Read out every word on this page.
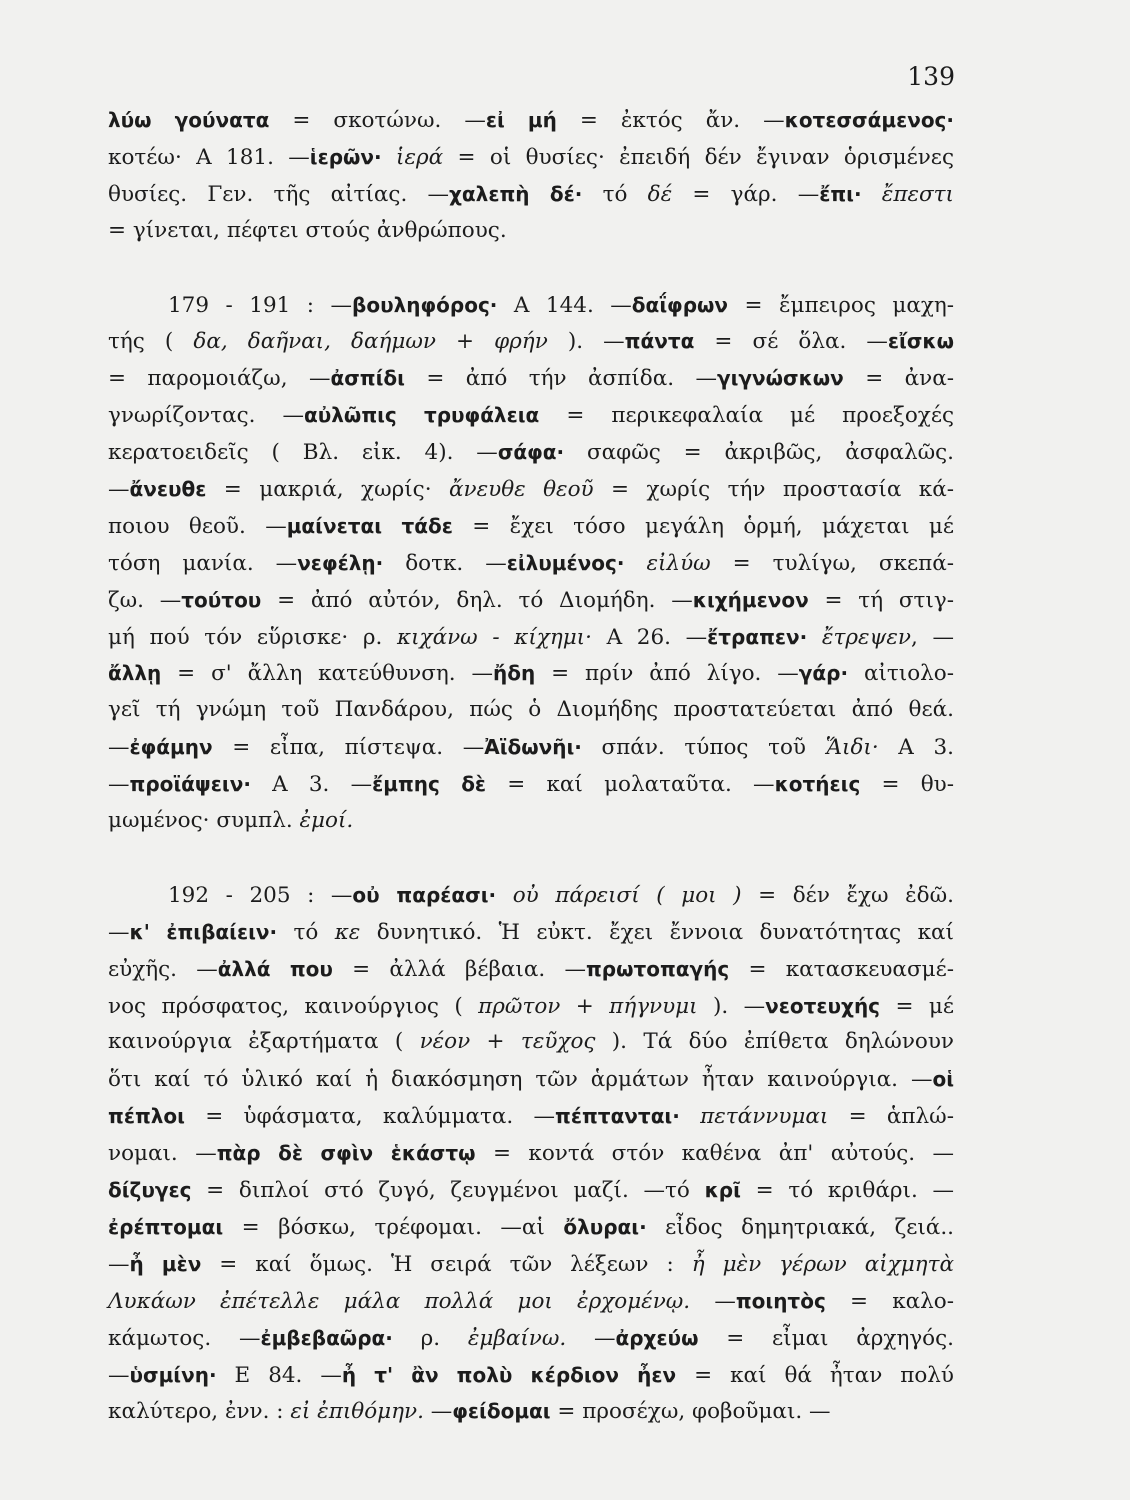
139
λύω γούνατα = σκοτώνω. —εἰ μή = ἐκτός ἄν. —κοτεσσάμενος·
κοτέω· Α 181. —ἱερῶν· ἱερά = οἱ θυσίες· ἐπειδή δέν ἔγιναν ὁρισμένες
θυσίες. Γεν. τῆς αἰτίας. —χαλεπὴ δέ· τό δέ = γάρ. —ἔπι· ἔπεστι
= γίνεται, πέφτει στούς ἀνθρώπους.
179 - 191 : —βουληφόρος· Α 144. —δαΐφρων = ἔμπειρος μαχη-
τής ( δα, δαῆναι, δαήμων + φρήν ). —πάντα = σέ ὅλα. —εἴσκω
= παρομοιάζω, —ἀσπίδι = ἀπό τήν ἀσπίδα. —γιγνώσκων = ἀνα-
γνωρίζοντας. —αὐλῶπις τρυφάλεια = περικεφαλαία μέ προεξοχές
κερατοειδεῖς ( Βλ. εἰκ. 4). —σάφα· σαφῶς = ἀκριβῶς, ἀσφαλῶς.
—ἄνευθε = μακριά, χωρίς· ἄνευθε θεοῦ = χωρίς τήν προστασία κά-
ποιου θεοῦ. —μαίνεται τάδε = ἔχει τόσο μεγάλη ὁρμή, μάχεται μέ
τόση μανία. —νεφέλῃ· δοτκ. —εἰλυμένος· εἰλύω = τυλίγω, σκεπά-
ζω. —τούτου = ἀπό αὐτόν, δηλ. τό Διομήδη. —κιχήμενον = τή στιγ-
μή πού τόν εὕρισκε· ρ. κιχάνω - κίχημι· Α 26. —ἔτραπεν· ἔτρεψεν, —
ἄλλῃ = σ' ἄλλη κατεύθυνση. —ἤδη = πρίν ἀπό λίγο. —γάρ· αἰτιολο-
γεῖ τή γνώμη τοῦ Πανδάρου, πώς ὁ Διομήδης προστατεύεται ἀπό θεά.
—ἐφάμην = εἶπα, πίστεψα. —Ἀϊδωνῆι· σπάν. τύπος τοῦ Ἅιδι· Α 3.
—προϊάψειν· Α 3. —ἔμπης δὲ = καί μολαταῦτα. —κοτήεις = θυ-
μωμένος· συμπλ. ἐμοί.
192 - 205 : —οὐ παρέασι· οὐ πάρεισί ( μοι ) = δέν ἔχω ἐδῶ.
—κ' ἐπιβαίειν· τό κε δυνητικό. Ἡ εὐκτ. ἔχει ἔννοια δυνατότητας καί
εὐχῆς. —ἀλλά που = ἀλλά βέβαια. —πρωτοπαγής = κατασκευασμέ-
νος πρόσφατος, καινούργιος ( πρῶτον + πήγνυμι ). —νεοτευχής = μέ
καινούργια ἐξαρτήματα ( νέον + τεῦχος ). Τά δύο ἐπίθετα δηλώνουν
ὅτι καί τό ὑλικό καί ἡ διακόσμηση τῶν ἁρμάτων ἦταν καινούργια. —οἱ
πέπλοι = ὑφάσματα, καλύμματα. —πέπτανται· πετάννυμαι = ἁπλώ-
νομαι. —πὰρ δὲ σφὶν ἑκάστῳ = κοντά στόν καθένα ἀπ' αὐτούς. —
δίζυγες = διπλοί στό ζυγό, ζευγμένοι μαζί. —τό κρῖ = τό κριθάρι. —
ἐρέπτομαι = βόσκω, τρέφομαι. —αἱ ὄλυραι· εἶδος δημητριακά, ζειά..
—ἦ μὲν = καί ὅμως. Ἡ σειρά τῶν λέξεων : ἦ μὲν γέρων αἰχμητὰ
Λυκάων ἐπέτελλε μάλα πολλά μοι ἐρχομένῳ. —ποιητὸς = καλο-
κάμωτος. —ἐμβεβαῶρα· ρ. ἐμβαίνω. —ἀρχεύω = εἶμαι ἀρχηγός.
—ὑσμίνη· Ε 84. —ἦ τ' ἂν πολὺ κέρδιον ἦεν = καί θά ἦταν πολύ
καλύτερο, ἐνν. : εἰ ἐπιθόμην. —φείδομαι = προσέχω, φοβοῦμαι. —
